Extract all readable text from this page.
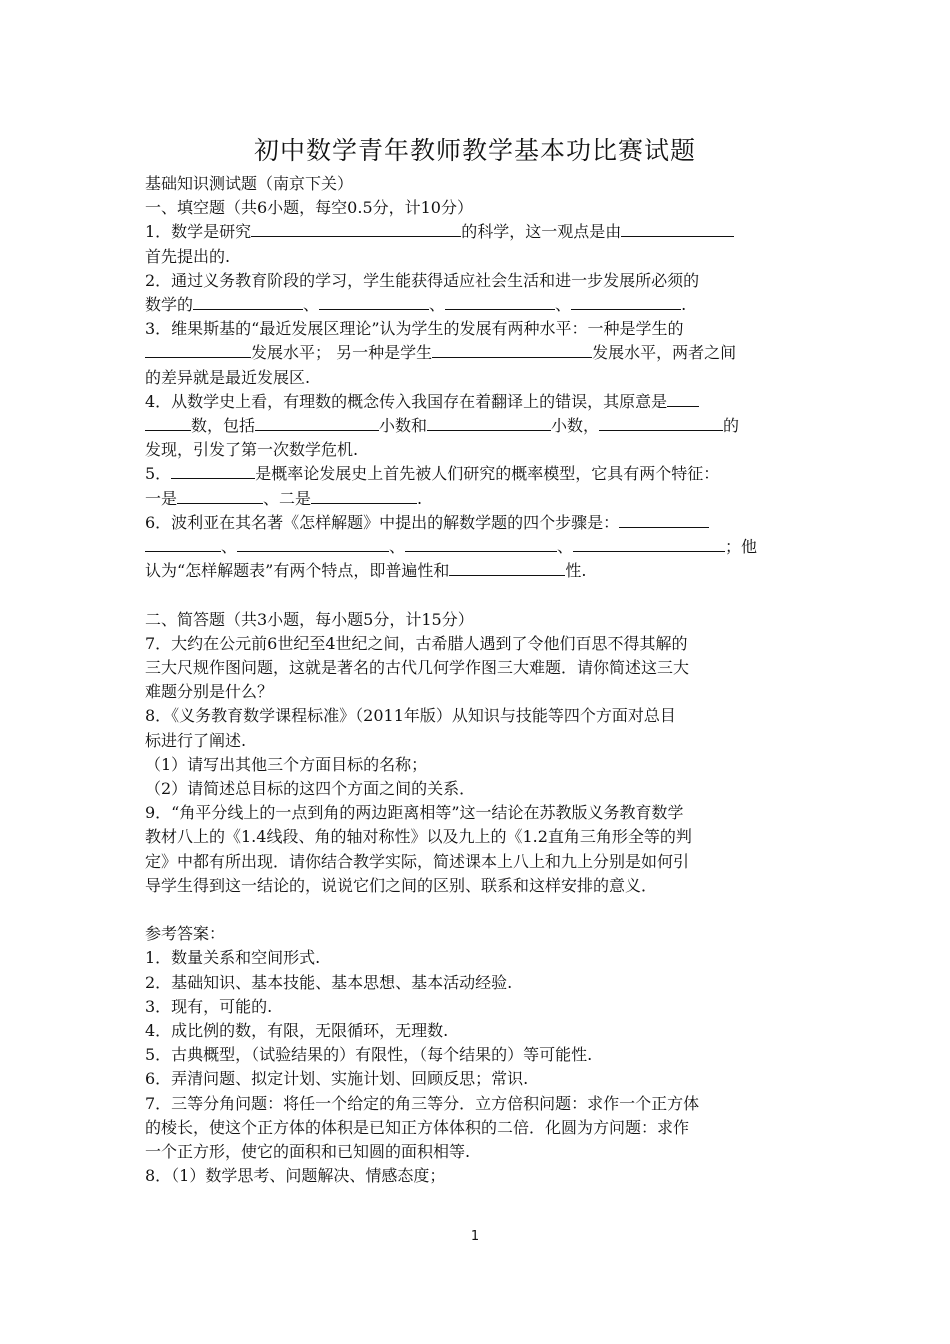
初中数学青年教师教学基本功比赛试题

基础知识测试题（南京下关）

一、填空题（共6小题，每空0.5分，计10分）

1．数学是研究	的科学，这一观点是由

首先提出的.

2．通过义务教育阶段的学习，学生能获得适应社会生活和进一步发展所必须的

数学的	、	、	、	.

3．维果斯基的“最近发展区理论”认为学生的发展有两种水平：一种是学生的

发展水平； 另一种是学生	发展水平，两者之间

的差异就是最近发展区.

4．从数学史上看，有理数的概念传入我国存在着翻译上的错误，其原意是

数，包括	小数和	小数，	的

发现，引发了第一次数学危机.

5．	是概率论发展史上首先被人们研究的概率模型，它具有两个特征：

一是	、二是	.

6．波利亚在其名著《怎样解题》中提出的解数学题的四个步骤是：

、	、	、	；他

认为“怎样解题表”有两个特点，即普遍性和	性.

二、简答题（共3小题，每小题5分，计15分）

7．大约在公元前6世纪至4世纪之间，古希腊人遇到了令他们百思不得其解的

三大尺规作图问题，这就是著名的古代几何学作图三大难题．请你简述这三大

难题分别是什么？

8．《义务教育数学课程标准》（2011年版）从知识与技能等四个方面对总目

标进行了阐述.

（1）请写出其他三个方面目标的名称；

（2）请简述总目标的这四个方面之间的关系．

9．“角平分线上的一点到角的两边距离相等”这一结论在苏教版义务教育数学

教材八上的《1.4线段、角的轴对称性》以及九上的《1.2直角三角形全等的判

定》中都有所出现．请你结合教学实际，简述课本上八上和九上分别是如何引

导学生得到这一结论的，说说它们之间的区别、联系和这样安排的意义．

参考答案：

1．数量关系和空间形式.

2．基础知识、基本技能、基本思想、基本活动经验.

3．现有，可能的.

4．成比例的数，有限，无限循环，无理数.

5．古典概型，（试验结果的）有限性，（每个结果的）等可能性.

6．弄清问题、拟定计划、实施计划、回顾反思；常识.

7．三等分角问题：将任一个给定的角三等分．立方倍积问题：求作一个正方体

的棱长，使这个正方体的体积是已知正方体体积的二倍．化圆为方问题：求作

一个正方形，使它的面积和已知圆的面积相等.

8．（1）数学思考、问题解决、情感态度；

1
